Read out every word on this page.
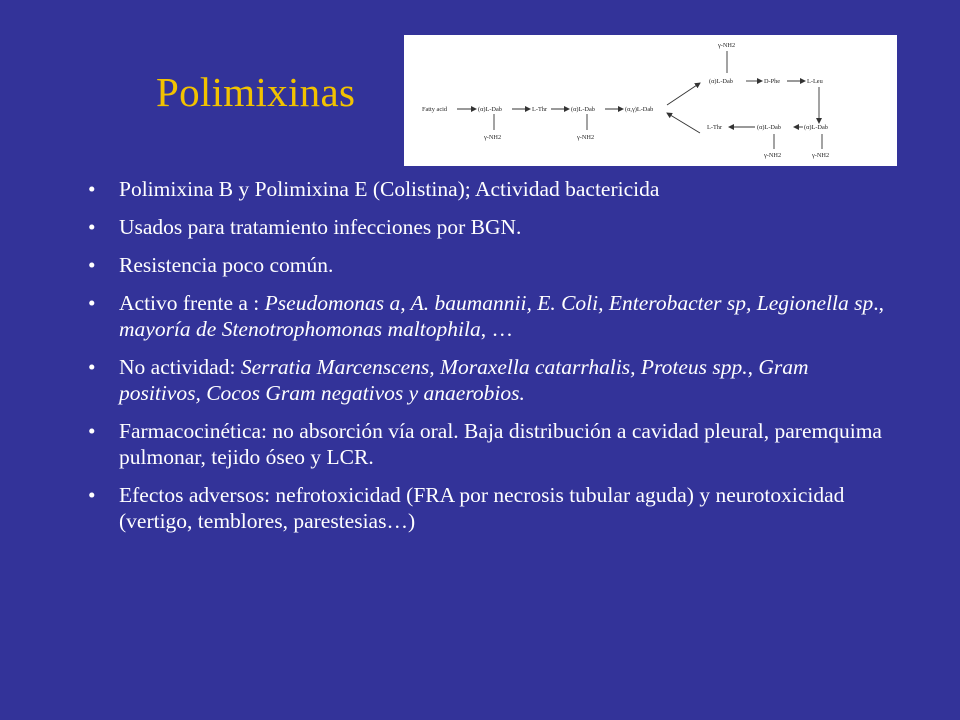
Polimixinas	Fatty acid	(α)L-Dab	L-Thr	(α)L-Dab	(α,γ)L-Dab
γ-NH2	γ-NH2
γ-NH2
(α)L-Dab	D-Phe	L-Leu
L-Thr	(α)L-Dab	(α)L-Dab
γ-NH2	γ-NH2
• Polimixina B y Polimixina E (Colistina); Actividad bactericida
• Usados para tratamiento infecciones por BGN.
• Resistencia poco común.
• Activo frente a : Pseudomonas a, A. baumannii, E. Coli, Enterobacter sp, Legionella sp., mayoría de Stenotrophomonas maltophila, …
• No actividad: Serratia Marcenscens, Moraxella catarrhalis, Proteus spp., Gram positivos, Cocos Gram negativos y anaerobios.
• Farmacocinética: no absorción vía oral. Baja distribución a cavidad pleural, paremquima pulmonar, tejido óseo y LCR.
• Efectos adversos: nefrotoxicidad (FRA por necrosis tubular aguda) y neurotoxicidad (vertigo, temblores, parestesias…)
